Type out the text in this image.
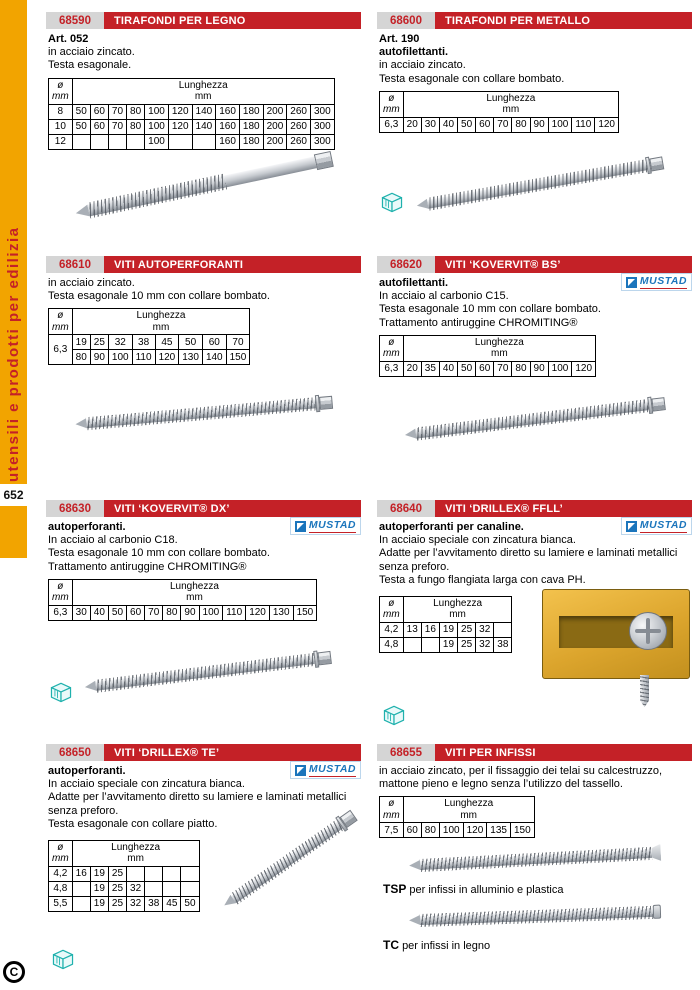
utensili e prodotti per edilizia
652
C
68590	TIRAFONDI PER LEGNO

Art. 052

in acciaio zincato.

Testa esagonale.

ø
mm	Lunghezza
mm											
8	50	60	70	80	100	120	140	160	180	200	260	300
10	50	60	70	80	100	120	140	160	180	200	260	300
12					100			160	180	200	260	300
68600	TIRAFONDI PER METALLO

Art. 190

autofilettanti.

in acciaio zincato.

Testa esagonale con collare bombato.

ø
mm	Lunghezza
mm										
6,3	20	30	40	50	60	70	80	90	100	110	120
68610	VITI AUTOPERFORANTI

in acciaio zincato.

Testa esagonale 10 mm con collare bombato.

ø
mm	Lunghezza
mm							
6,3	19	25	32	38	45	50	60	70
	80	90	100	110	120	130	140	150
68620	VITI ‘KOVERVIT® BS’
MUSTAD

autofilettanti.

In acciaio al carbonio C15.

Testa esagonale 10 mm con collare bombato.

Trattamento antiruggine CHROMITING®

ø
mm	Lunghezza
mm									
6,3	20	35	40	50	60	70	80	90	100	120
68630	VITI ‘KOVERVIT® DX’
MUSTAD

autoperforanti.

In acciaio al carbonio C18.

Testa esagonale 10 mm con collare bombato.

Trattamento antiruggine CHROMITING®

ø
mm	Lunghezza
mm											
6,3	30	40	50	60	70	80	90	100	110	120	130	150
68640	VITI ‘DRILLEX® FFLL’
MUSTAD

autoperforanti per canaline.

In acciaio speciale con zincatura bianca.

Adatte per l’avvitamento diretto su lamiere e laminati metallici senza preforo.

Testa a fungo flangiata larga con cava PH.

ø
mm	Lunghezza
mm					
4,2	13	16	19	25	32	
4,8			19	25	32	38
68650	VITI ‘DRILLEX® TE’
MUSTAD

autoperforanti.

In acciaio speciale con zincatura bianca.

Adatte per l’avvitamento diretto su lamiere e laminati metallici senza preforo.

Testa esagonale con collare piatto.

ø
mm	Lunghezza
mm						
4,2	16	19	25				
4,8		19	25	32			
5,5		19	25	32	38	45	50
68655	VITI PER INFISSI

in acciaio zincato, per il fissaggio dei telai su calcestruzzo, mattone pieno e legno senza l’utilizzo del tassello.

ø
mm	Lunghezza
mm					
7,5	60	80	100	120	135	150

TSP per infissi in alluminio e plastica

TC per infissi in legno
